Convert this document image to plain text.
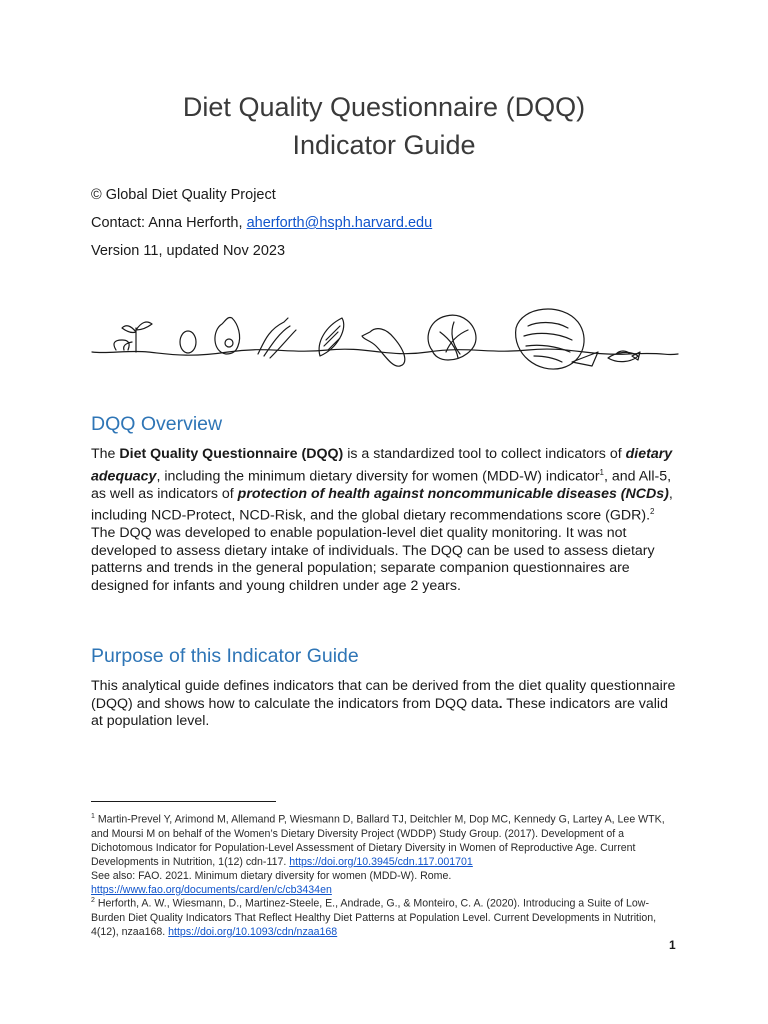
Diet Quality Questionnaire (DQQ)
Indicator Guide

© Global Diet Quality Project

Contact: Anna Herforth, aherforth@hsph.harvard.edu

Version 11, updated Nov 2023

DQQ Overview

The Diet Quality Questionnaire (DQQ) is a standardized tool to collect indicators of dietary adequacy, including the minimum dietary diversity for women (MDD-W) indicator$^1$, and All-5, as well as indicators of protection of health against noncommunicable diseases (NCDs), including NCD-Protect, NCD-Risk, and the global dietary recommendations score (GDR).$^2$ The DQQ was developed to enable population-level diet quality monitoring. It was not developed to assess dietary intake of individuals. The DQQ can be used to assess dietary patterns and trends in the general population; separate companion questionnaires are designed for infants and young children under age 2 years.

Purpose of this Indicator Guide

This analytical guide defines indicators that can be derived from the diet quality questionnaire (DQQ) and shows how to calculate the indicators from DQQ data. These indicators are valid at population level.

$^1$ Martin-Prevel Y, Arimond M, Allemand P, Wiesmann D, Ballard TJ, Deitchler M, Dop MC, Kennedy G, Lartey A, Lee WTK, and Moursi M on behalf of the Women’s Dietary Diversity Project (WDDP) Study Group. (2017). Development of a Dichotomous Indicator for Population-Level Assessment of Dietary Diversity in Women of Reproductive Age. Current Developments in Nutrition, 1(12) cdn-117. https://doi.org/10.3945/cdn.117.001701
See also: FAO. 2021. Minimum dietary diversity for women (MDD-W). Rome.
https://www.fao.org/documents/card/en/c/cb3434en

$^2$ Herforth, A. W., Wiesmann, D., Martinez-Steele, E., Andrade, G., & Monteiro, C. A. (2020). Introducing a Suite of Low-Burden Diet Quality Indicators That Reflect Healthy Diet Patterns at Population Level. Current Developments in Nutrition, 4(12), nzaa168. https://doi.org/10.1093/cdn/nzaa168

1
